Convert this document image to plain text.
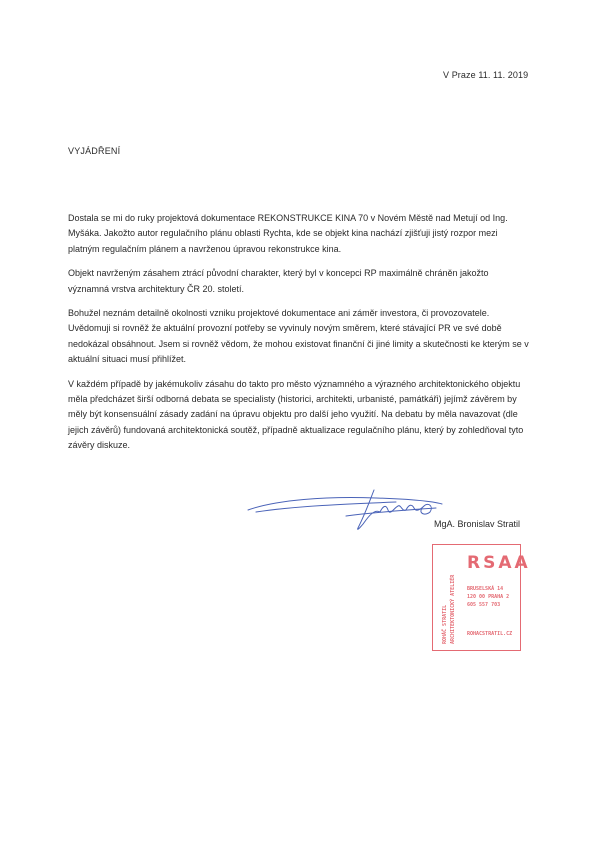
V Praze 11. 11. 2019
VYJÁDŘENÍ

Dostala se mi do ruky projektová dokumentace REKONSTRUKCE KINA 70 v Novém Městě nad Metují od Ing. Myšáka. Jakožto autor regulačního plánu oblasti Rychta, kde se objekt kina nachází zjišťuji jistý rozpor mezi platným regulačním plánem a navrženou úpravou rekonstrukce kina.

Objekt navrženým zásahem ztrácí původní charakter, který byl v koncepci RP maximálně chráněn jakožto významná vrstva architektury ČR 20. století.

Bohužel neznám detailně okolnosti vzniku projektové dokumentace ani záměr investora, či provozovatele. Uvědomuji si rovněž že aktuální provozní potřeby se vyvinuly novým směrem, které stávající PR ve své době nedokázal obsáhnout. Jsem si rovněž vědom, že mohou existovat finanční či jiné limity a skutečnosti ke kterým se v aktuální situaci musí přihlížet.

V každém případě by jakémukoliv zásahu do takto pro město významného a výrazného architektonického objektu měla předcházet širší odborná debata se specialisty (historici, architekti, urbanisté, památkáři) jejímž závěrem by měly být konsensuální zásady zadání na úpravu objektu pro další jeho využití. Na debatu by měla navazovat (dle jejich závěrů) fundovaná architektonická soutěž, případně aktualizace regulačního plánu, který by zohledňoval tyto závěry diskuze.

MgA. Bronislav Stratil
ROHÁČ STRATIL ARCHITEKTONICKÝ ATELIÉR
RSAA
BRUSELSKÁ 14
120 00 PRAHA 2
605 557 703
ROHACSTRATIL.CZ
